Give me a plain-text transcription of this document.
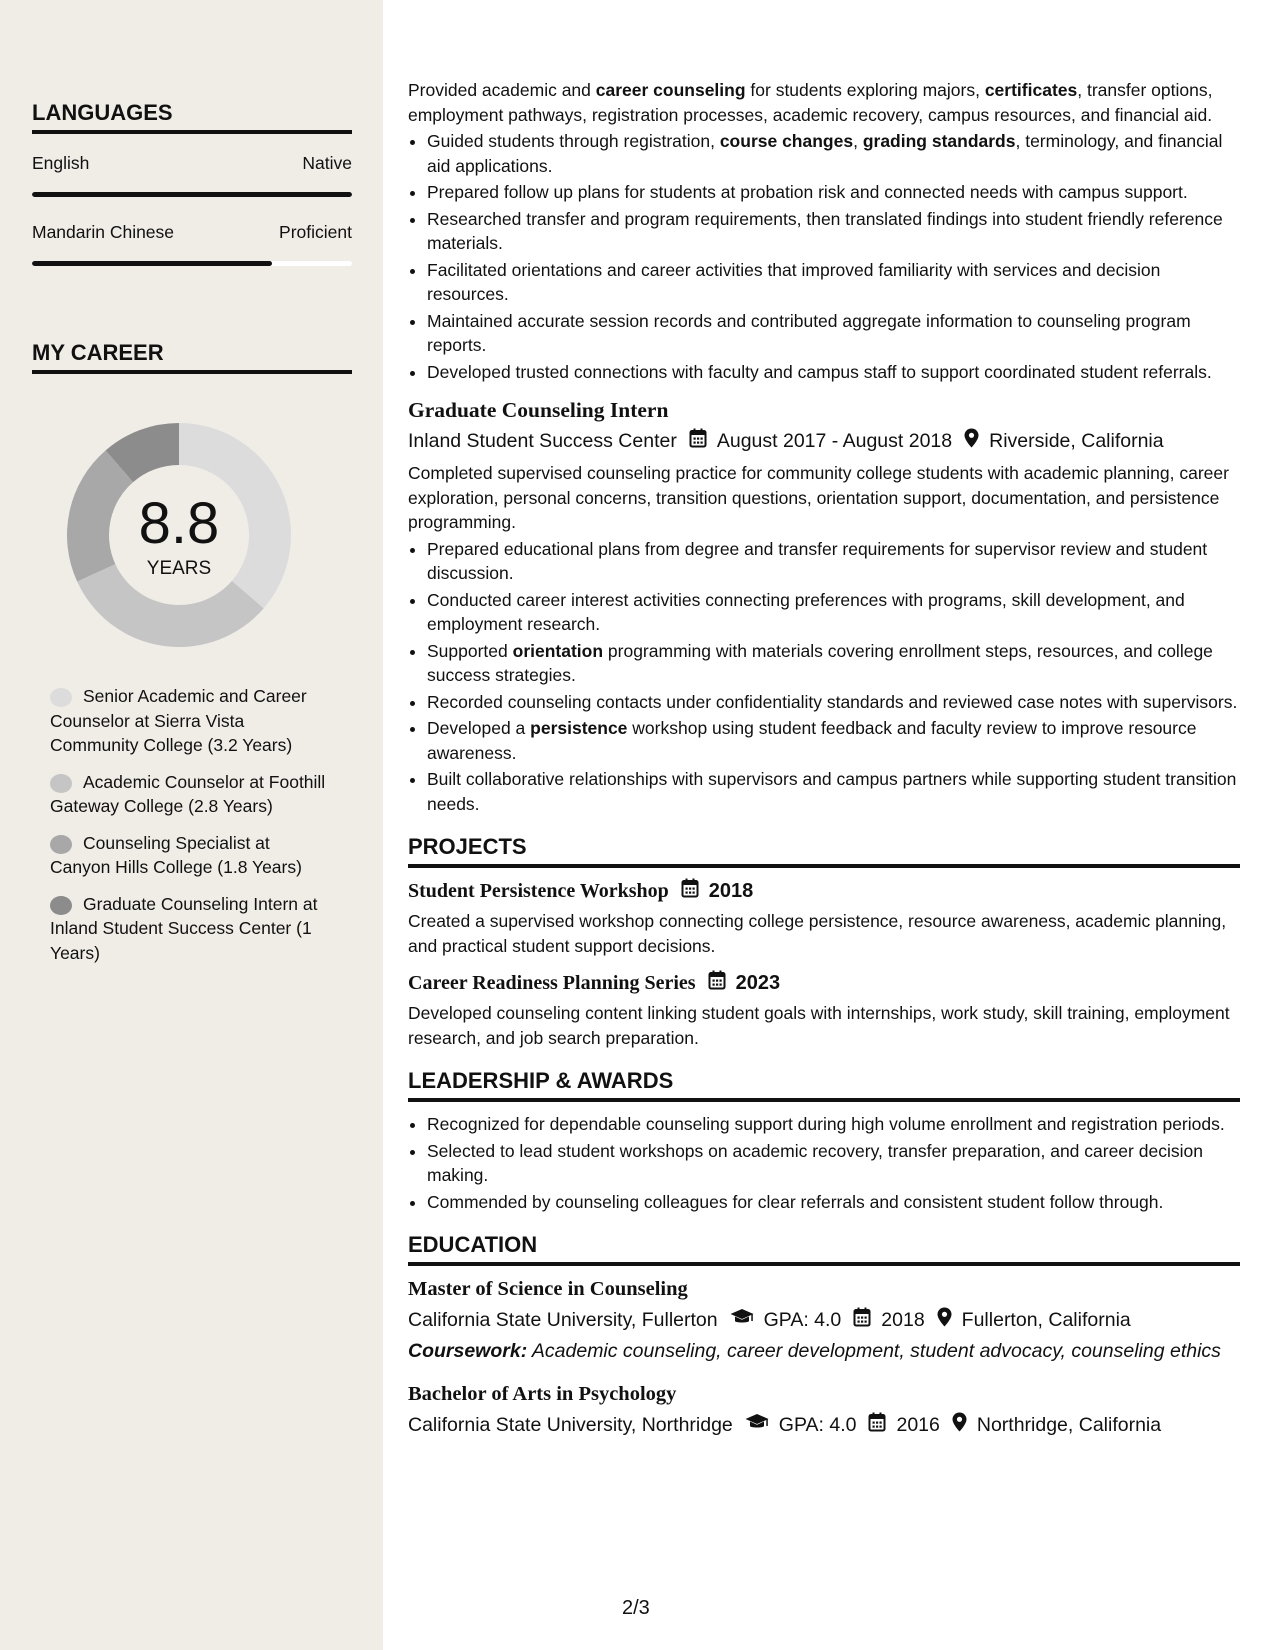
LANGUAGES
English	Native
Mandarin Chinese	Proficient
MY CAREER
8.8
YEARS
Senior Academic and Career Counselor at Sierra Vista Community College (3.2 Years)
Academic Counselor at Foothill Gateway College (2.8 Years)
Counseling Specialist at Canyon Hills College (1.8 Years)
Graduate Counseling Intern at Inland Student Success Center (1 Years)

Provided academic and career counseling for students exploring majors, certificates, transfer options, employment pathways, registration processes, academic recovery, campus resources, and financial aid.

• Guided students through registration, course changes, grading standards, terminology, and financial aid applications.
• Prepared follow up plans for students at probation risk and connected needs with campus support.
• Researched transfer and program requirements, then translated findings into student friendly reference materials.
• Facilitated orientations and career activities that improved familiarity with services and decision resources.
• Maintained accurate session records and contributed aggregate information to counseling program reports.
• Developed trusted connections with faculty and campus staff to support coordinated student referrals.
Graduate Counseling Intern
Inland Student Success Center August 2017 - August 2018 Riverside, California

Completed supervised counseling practice for community college students with academic planning, career exploration, personal concerns, transition questions, orientation support, documentation, and persistence programming.

• Prepared educational plans from degree and transfer requirements for supervisor review and student discussion.
• Conducted career interest activities connecting preferences with programs, skill development, and employment research.
• Supported orientation programming with materials covering enrollment steps, resources, and college success strategies.
• Recorded counseling contacts under confidentiality standards and reviewed case notes with supervisors.
• Developed a persistence workshop using student feedback and faculty review to improve resource awareness.
• Built collaborative relationships with supervisors and campus partners while supporting student transition needs.
PROJECTS
Student Persistence Workshop 2018

Created a supervised workshop connecting college persistence, resource awareness, academic planning, and practical student support decisions.

Career Readiness Planning Series 2023

Developed counseling content linking student goals with internships, work study, skill training, employment research, and job search preparation.

LEADERSHIP & AWARDS
• Recognized for dependable counseling support during high volume enrollment and registration periods.
• Selected to lead student workshops on academic recovery, transfer preparation, and career decision making.
• Commended by counseling colleagues for clear referrals and consistent student follow through.
EDUCATION
Master of Science in Counseling
California State University, Fullerton GPA: 4.0 2018 Fullerton, California
Coursework: Academic counseling, career development, student advocacy, counseling ethics
Bachelor of Arts in Psychology
California State University, Northridge GPA: 4.0 2016 Northridge, California
2/3
